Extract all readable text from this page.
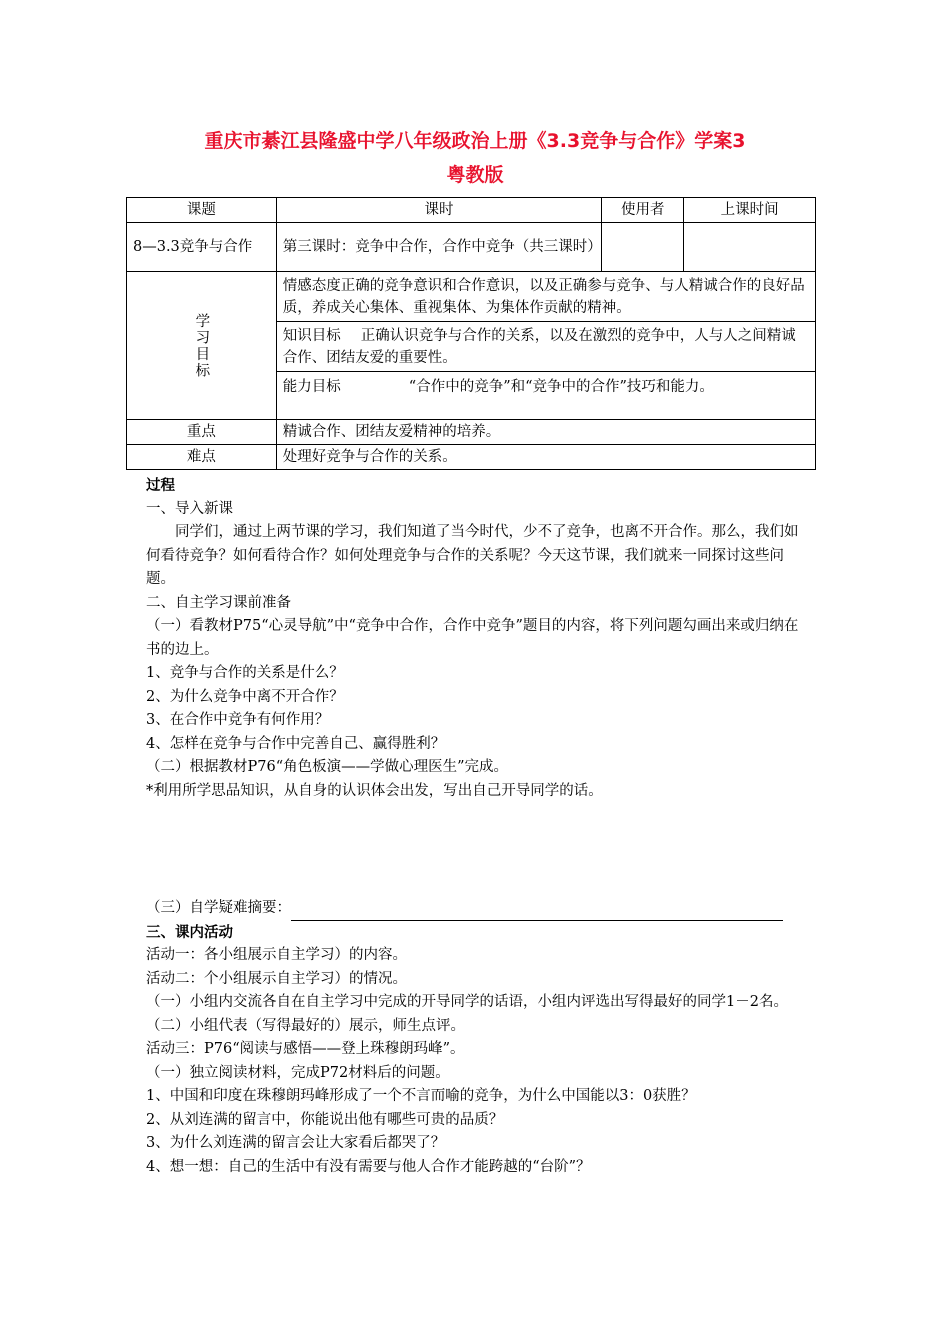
重庆市綦江县隆盛中学八年级政治上册《3.3竞争与合作》学案3
粤教版
课题	课时	使用者	上课时间
8—3.3竞争与合作	第三课时：竞争中合作，合作中竞争（共三课时）		

学习目标	情感态度正确的竞争意识和合作意识，以及正确参与竞争、与人精诚合作的良好品质，养成关心集体、重视集体、为集体作贡献的精神。		
	知识目标 正确认识竞争与合作的关系，以及在激烈的竞争中，人与人之间精诚合作、团结友爱的重要性。		
	能力目标 “合作中的竞争”和“竞争中的合作”技巧和能力。		
重点	精诚合作、团结友爱精神的培养。		
难点	处理好竞争与合作的关系。		

过程

一、导入新课

同学们，通过上两节课的学习，我们知道了当今时代，少不了竞争，也离不开合作。那么，我们如何看待竞争？如何看待合作？如何处理竞争与合作的关系呢？今天这节课，我们就来一同探讨这些问题。

二、自主学习课前准备

（一）看教材P75“心灵导航”中“竞争中合作，合作中竞争”题目的内容，将下列问题勾画出来或归纳在书的边上。

1、竞争与合作的关系是什么？

2、为什么竞争中离不开合作？

3、在合作中竞争有何作用？

4、怎样在竞争与合作中完善自己、赢得胜利？

（二）根据教材P76“角色板演——学做心理医生”完成。

*利用所学思品知识，从自身的认识体会出发，写出自己开导同学的话。

（三）自学疑难摘要：

三、课内活动

活动一：各小组展示自主学习）的内容。

活动二：个小组展示自主学习）的情况。

（一）小组内交流各自在自主学习中完成的开导同学的话语，小组内评选出写得最好的同学1－2名。

（二）小组代表（写得最好的）展示，师生点评。

活动三：P76“阅读与感悟——登上珠穆朗玛峰”。

（一）独立阅读材料，完成P72材料后的问题。

1、中国和印度在珠穆朗玛峰形成了一个不言而喻的竞争，为什么中国能以3：0获胜？

2、从刘连满的留言中，你能说出他有哪些可贵的品质？

3、为什么刘连满的留言会让大家看后都哭了？

4、想一想：自己的生活中有没有需要与他人合作才能跨越的“台阶”？
